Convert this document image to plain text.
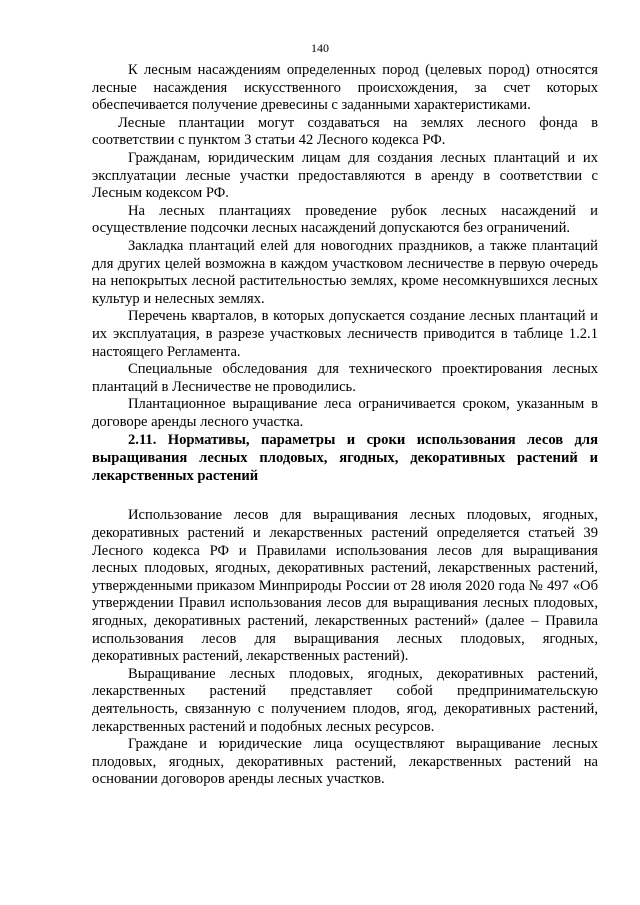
140

К лесным насаждениям определенных пород (целевых пород) относятся лесные насаждения искусственного происхождения, за счет которых обеспечивается получение древесины с заданными характеристиками.

Лесные плантации могут создаваться на землях лесного фонда в соответствии с пунктом 3 статьи 42 Лесного кодекса РФ.

Гражданам, юридическим лицам для создания лесных плантаций и их эксплуатации лесные участки предоставляются в аренду в соответствии с Лесным кодексом РФ.

На лесных плантациях проведение рубок лесных насаждений и осуществление подсочки лесных насаждений допускаются без ограничений.

Закладка плантаций елей для новогодних праздников, а также плантаций для других целей возможна в каждом участковом лесничестве в первую очередь на непокрытых лесной растительностью землях, кроме несомкнувшихся лесных культур и нелесных землях.

Перечень кварталов, в которых допускается создание лесных плантаций и их эксплуатация, в разрезе участковых лесничеств приводится в таблице 1.2.1 настоящего Регламента.

Специальные обследования для технического проектирования лесных плантаций в Лесничестве не проводились.

Плантационное выращивание леса ограничивается сроком, указанным в договоре аренды лесного участка.

2.11. Нормативы, параметры и сроки использования лесов для выращивания лесных плодовых, ягодных, декоративных растений и лекарственных растений

Использование лесов для выращивания лесных плодовых, ягодных, декоративных растений и лекарственных растений определяется статьей 39 Лесного кодекса РФ и Правилами использования лесов для выращивания лесных плодовых, ягодных, декоративных растений, лекарственных растений, утвержденными приказом Минприроды России от 28 июля 2020 года № 497 «Об утверждении Правил использования лесов для выращивания лесных плодовых, ягодных, декоративных растений, лекарственных растений» (далее – Правила использования лесов для выращивания лесных плодовых, ягодных, декоративных растений, лекарственных растений).

Выращивание лесных плодовых, ягодных, декоративных растений, лекарственных растений представляет собой предпринимательскую деятельность, связанную с получением плодов, ягод, декоративных растений, лекарственных растений и подобных лесных ресурсов.

Граждане и юридические лица осуществляют выращивание лесных плодовых, ягодных, декоративных растений, лекарственных растений на основании договоров аренды лесных участков.
